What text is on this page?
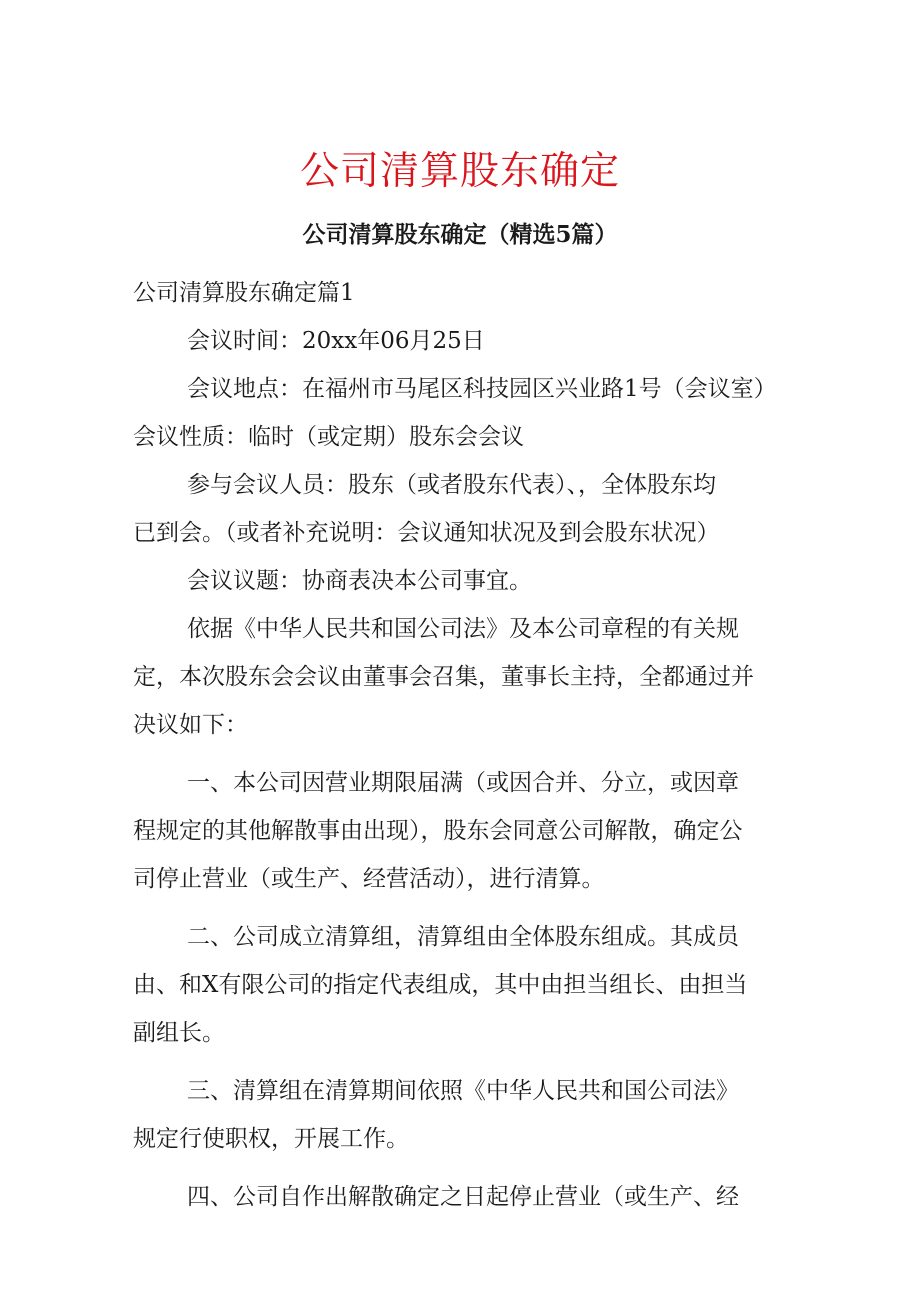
公司清算股东确定
公司清算股东确定（精选5篇）

公司清算股东确定篇1

会议时间：20xx年06月25日

会议地点：在福州市马尾区科技园区兴业路1号（会议室）

会议性质：临时（或定期）股东会会议

参与会议人员：股东（或者股东代表）、，全体股东均

已到会。（或者补充说明：会议通知状况及到会股东状况）

会议议题：协商表决本公司事宜。

依据《中华人民共和国公司法》及本公司章程的有关规

定，本次股东会会议由董事会召集，董事长主持，全都通过并

决议如下：

一、本公司因营业期限届满（或因合并、分立，或因章

程规定的其他解散事由出现），股东会同意公司解散，确定公

司停止营业（或生产、经营活动），进行清算。

二、公司成立清算组，清算组由全体股东组成。其成员

由、和X有限公司的指定代表组成，其中由担当组长、由担当

副组长。

三、清算组在清算期间依照《中华人民共和国公司法》

规定行使职权，开展工作。

四、公司自作出解散确定之日起停止营业（或生产、经
